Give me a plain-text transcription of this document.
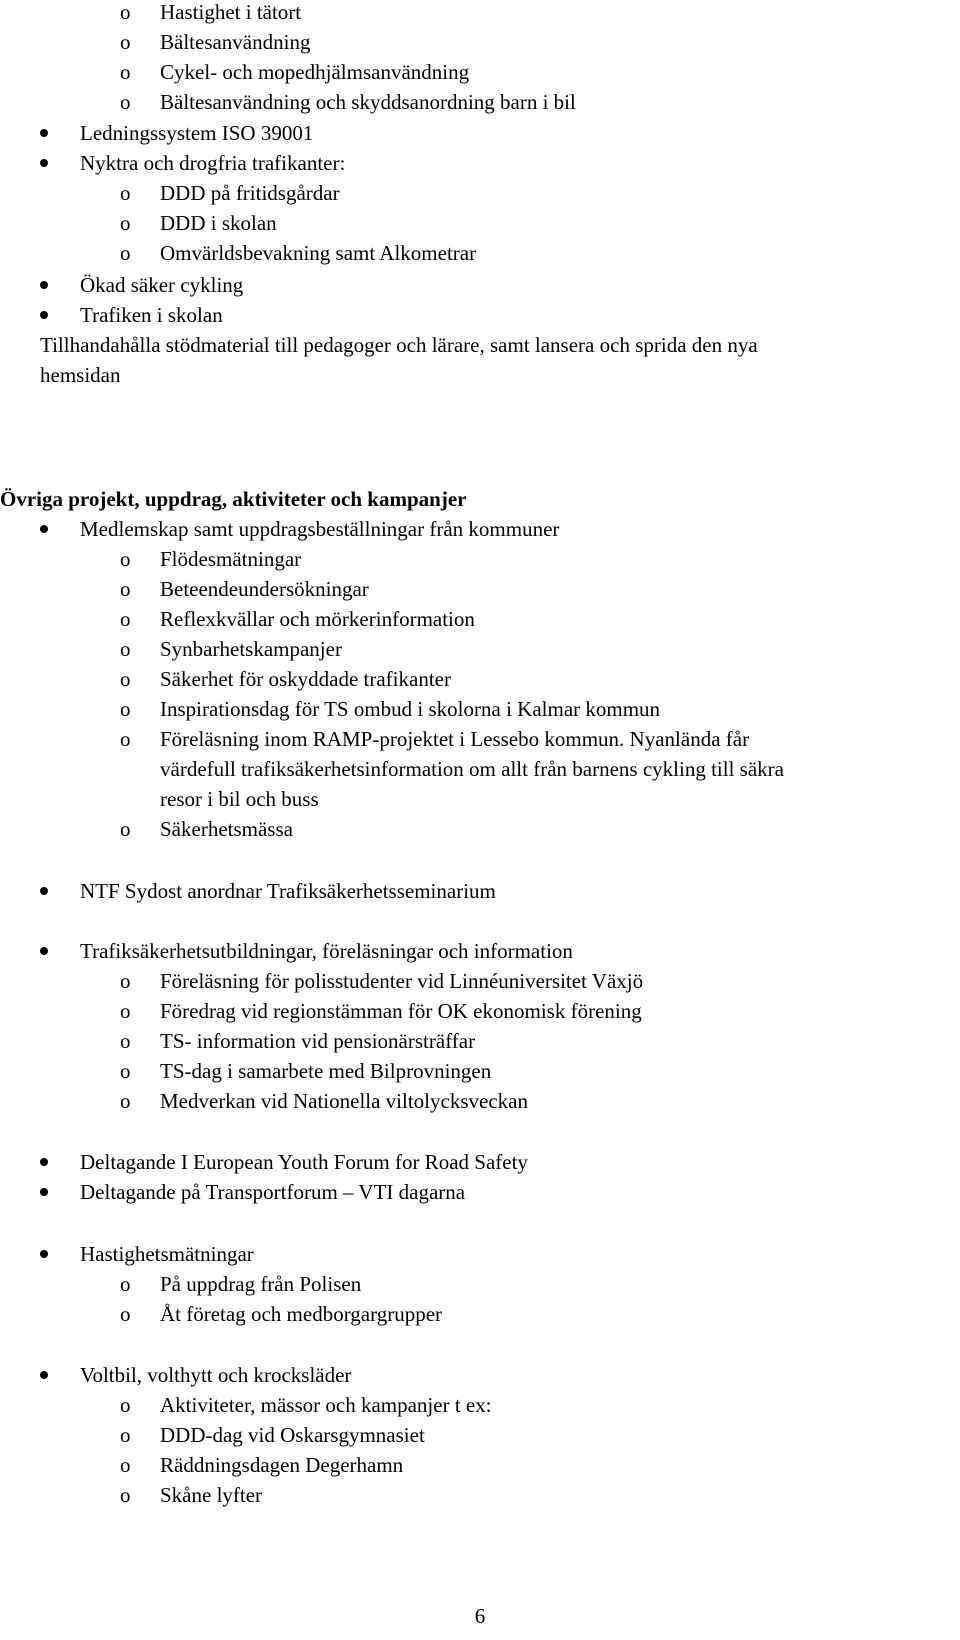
o Hastighet i tätort
o Bältesanvändning
o Cykel- och mopedhjälmsanvändning
o Bältesanvändning och skyddsanordning barn i bil
Ledningssystem ISO 39001
Nyktra och drogfria trafikanter:
o DDD på fritidsgårdar
o DDD i skolan
o Omvärldsbevakning samt Alkometrar
Ökad säker cykling
Trafiken i skolan
Tillhandahålla stödmaterial till pedagoger och lärare, samt lansera och sprida den nya
hemsidan
Övriga projekt, uppdrag, aktiviteter och kampanjer
Medlemskap samt uppdragsbeställningar från kommuner
o Flödesmätningar
o Beteendeundersökningar
o Reflexkvällar och mörkerinformation
o Synbarhetskampanjer
o Säkerhet för oskyddade trafikanter
o Inspirationsdag för TS ombud i skolorna i Kalmar kommun
o Föreläsning inom RAMP-projektet i Lessebo kommun. Nyanlända får
värdefull trafiksäkerhetsinformation om allt från barnens cykling till säkra
resor i bil och buss
o Säkerhetsmässa
NTF Sydost anordnar Trafiksäkerhetsseminarium
Trafiksäkerhetsutbildningar, föreläsningar och information
o Föreläsning för polisstudenter vid Linnéuniversitet Växjö
o Föredrag vid regionstämman för OK ekonomisk förening
o TS- information vid pensionärsträffar
o TS-dag i samarbete med Bilprovningen
o Medverkan vid Nationella viltolycksveckan
Deltagande I European Youth Forum for Road Safety
Deltagande på Transportforum – VTI dagarna
Hastighetsmätningar
o På uppdrag från Polisen
o Åt företag och medborgargrupper
Voltbil, volthytt och krocksläder
o Aktiviteter, mässor och kampanjer t ex:
o DDD-dag vid Oskarsgymnasiet
o Räddningsdagen Degerhamn
o Skåne lyfter
6
